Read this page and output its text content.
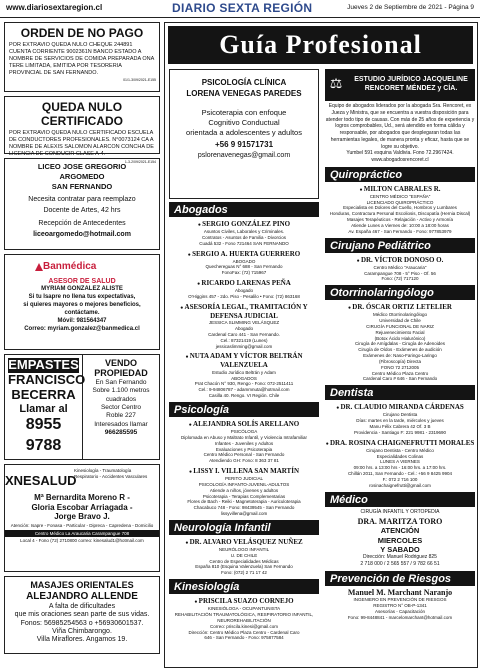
www.diariosextaregion.cl	DIARIO SEXTA REGIÓN	Jueves 2 de Septiembre de 2021 - Página 9
ORDEN DE NO PAGO
POR EXTRAVIO QUEDA NULO CHEQUE 244891 CUENTA CORRIENTE 9002361N BANCO ESTADO A NOMBRE DE SERVICIOS DE COMIDA PREPARADA ONA TERE LIMITADA, EMITIDA POR TESORERIA PROVINCIAL DE SAN FERNANDO.
01/1-3/09/2021-E155
QUEDA NULO CERTIFICADO
POR EXTRAVIO QUEDA NULO CERTIFICADO ESCUELA DE CONDUCTORES PROFESIONALES. N°0073124 CA A NOMBRE DE ALEXIS SALOMON ALARCON CONCHA DE LICENCIA DE CONDUCIR CLASE A-4.
1-3-2/09/2021-E154
LICEO JOSE GREGORIO
ARGOMEDO
SAN FERNANDO
Necesita contratar para reemplazo
Docente de Artes, 42 hrs
Recepción de Antecedentes
liceoargomedo@hotmail.com
Banmédica
ASESOR DE SALUD
MYRIAM GONZALEZ ALISTE
Si tu Isapre no llena tus expectativas,
si quieres mayores o mejores beneficios,
contáctame.
Móvil: 981564347
Correo: myriam.gonzalez@banmedica.cl
EMPASTES
FRANCISCO
BECERRA
Llamar al
8955 9788
VENDO
PROPIEDAD
En San Fernando
Sobre 1.100 metros
cuadrados
Sector Centro
Roble 227
Interesados llamar
966285595
XNESALUD
Kinesiología - Traumatología
Respiratorio - Accidentes Vasculares
Mª Bernardita Moreno R -
Gloria Escobar Arriagada -
Jorge Bravo J.
Atención: Isapre - Fonasa - Particular - Dipreca - Capredena - Domicilio
Centro Médico La Araucaria Carampangue 708
Local 4 - Fono (72) 2710800 correo: kinesalud1@hotmail.com
MASAJES ORIENTALES
ALEJANDRO ALLENDE
A falta de dificultades
que mis oraciones sean parte de sus vidas.
Fonos: 56985254563 o +56930601537.
Viña Chimbarongo.
Villa Miraflores. Angamos 19.
Guía Profesional
PSICOLOGÍA CLÍNICA
LORENA VENEGAS PAREDES
Psicoterapia con enfoque
Cognitivo Conductual
orientada a adolescentes y adultos
+56 9 91571731
pslorenavenegas@gmail.com
Abogados
● SERGIO GONZÁLEZ PINO
Asuntos Civiles, Laborales y Criminales.
Contratos - Asuntos de Familia - Divorcios
Cuadá 532 - Fono 721464 SAN FERNANDO
● SERGIO A. HUERTA GUERRERO
ABOGADO
Quechereguas N° 688 - San Fernando
FonoFax: (72) 715967
● RICARDO LARENAS PEÑA
Abogado
O'Higgins 457 - 2do. Piso - Pesalilo • Fono: (72) 863168
● ASESORÍA LEGAL, TRAMITACIÓN Y DEFENSA JUDICIAL
JESSICA SLIMMING VELÁSQUEZ
Abogado
Cardenal Caro 441 - San Fernando.
Cel.: 87321419 (Lunes)
jessicaslimming@gmail.com
● NUTA ADAM Y VÍCTOR BELTRÁN VALENZUELA
Estudio Jurídico Beltrán y Adam
ABOGADOS
Prat Chacón N° 930, Rengo - Fono: 072-2511411
Cel.: 9-94806787 - adammnuta@hotmail.com
Casilla 40. Rengo. VI Región. Chile
Psicología
● ALEJANDRA SOLÍS ARELLANO
PSICÓLOGA
Diplomada en Abuso y Maltrato Infantil, y Violencia Intrafamiliar
Infantes - Juveniles y Adultos
Evaluaciones y Psicoterapia
Centro Médico Personal - San Fernando
Atendiendo GH: Fono: 8 363 37 81
● LISSY I. VILLENA SAN MARTÍN
PERITO JUDICIAL
PSICOLOGÍA INFANTO-JUVENIL-ADULTOS
Atiende a niños, jóvenes y adultos
Psicoterapia - Terapias Complementarias
Flores de Bach - Reiki - Magnetoterapia - Auriculoterapia
Chacabuco 748 - Fono: 98439545 - San Fernando
lissyvillena@gmail.com
Neurología Infantil
● DR. ALVARO VELÁSQUEZ NUÑEZ
NEURÓLOGO INFANTIL
U. DE CHILE
Centro de Especialidades Médicas
España 810 (Esquina Valenzuela) San Fernando
Fono: (072) 2 71 17 42
Kinesiología
● PRISCILA SUAZO CORNEJO
KINESIÓLOGA - OCUPANTUNISTA
REHABILITACIÓN TRAUMATOLÓGICA, RESPIRATORIO INFANTIL, NEUROREHABILITACIÓN
Correo: priscila.kinesi@gmail.com
Dirección: Centro Médico Plaza Centro - Cardenal Caro
646 - San Fernando - Fono: 975877584
⚖	ESTUDIO JURÍDICO JACQUELINE RENCORET MÉNDEZ y CÍA.
Equipo de abogados liderados por la abogada Sra. Rencoret, ex Jueza y Ministra, que se encuentra a vuestra disposición para atender todo tipo de causas. Con más de 25 años de experiencia y logros comprobables, Ud., será atendido en forma cálida y responsable, por abogados que desplegaran todas las herramientas legales, de manera pronta y eficaz, hasta que se logre su objetivo.
Yumbel 591 esquina Valdivia. Fono 72.2967424.
www.abogadosrencoret.cl
Quiropráctico
● MILTON CABRALES R.
CENTRO MÉDICO "ESPAÑA"
LICENCIADO QUIROPRÁCTICO
Especialista en Dolores del Cuello, Hombros y Lumbares
Honduras, Contractura Personal Escoliosis, Discopatía (Hernia Discal)
Masajes Terapéuticos - Relajación - Activo y Armonía
Atiende Lunes a Viernes de: 10:00 a 18:00 horas
Av. España 467 - San Fernando - Fono: 977853979
Cirujano Pediátrico
● DR. VÍCTOR DONOSO O.
Centro Médico "Araucaria"
Carampangue 708 - 5° Piso - Of. 56
Fono: (72) 717120
Otorrinolaringólogo
● DR. ÓSCAR ORTIZ LETELIER
Médico Otorrinolaringólogo
Universidad de Chile
CIRUGÍA FUNCIONAL DE NARIZ
Rejuvenecimiento Facial
(Botox Ácido Hialurónico)
Cirugía de Amígdalas - Cirugía de Adenoides
Cirugía de Oídos - Exámenes de audición
Exámenes de: Naso-Faringo-Laringo
(Fibroscopía) Directa
FONO 72 2712005
Centro Médico Plaza Centro
Cardenal Caro # 646 - San Fernando
Dentista
● DR. CLAUDIO MIRANDA CÁRDENAS
Cirujano Dentista
Días: martes en la tarde, miércoles y jueves
Manu Félix Cabrera 42 Of. 3 B
Providencia - Santiago F: 221 9981 - 2319690
● DRA. ROSINA CHAIGNEFRUTTI MORALES
Cirujano Dentista - Centro Médico
Especialidades Colinas
LUNES A VIERNES
09:00 hrs. a 13:00 hrs - 16:00 hrs. a 17:00 hrs.
Chillán 2011, San Fernando - Cel.: +56 9 8425 9904
F.: 072 2 716 100
rosinachaignefrutti@gmail.com
Médico
CIRUGÍA INFANTIL Y ORTOPEDIA
DRA. MARITZA TORO
ATENCIÓN
MIERCOLES
Y SABADO
Dirección: Manuel Rodriguez 825
2 718 000 / 2 565 557 / 9 782 66 51
Prevención de Riesgos
Manuel M. Marchant Naranjo
INGENIERO EN PREVENCIÓN DE RIESGOS
REGISTRO N° OB-P-1341
Asesorías - Capacitación
Fono: 99-8448841 - marcelomarchant@hotmail.com
